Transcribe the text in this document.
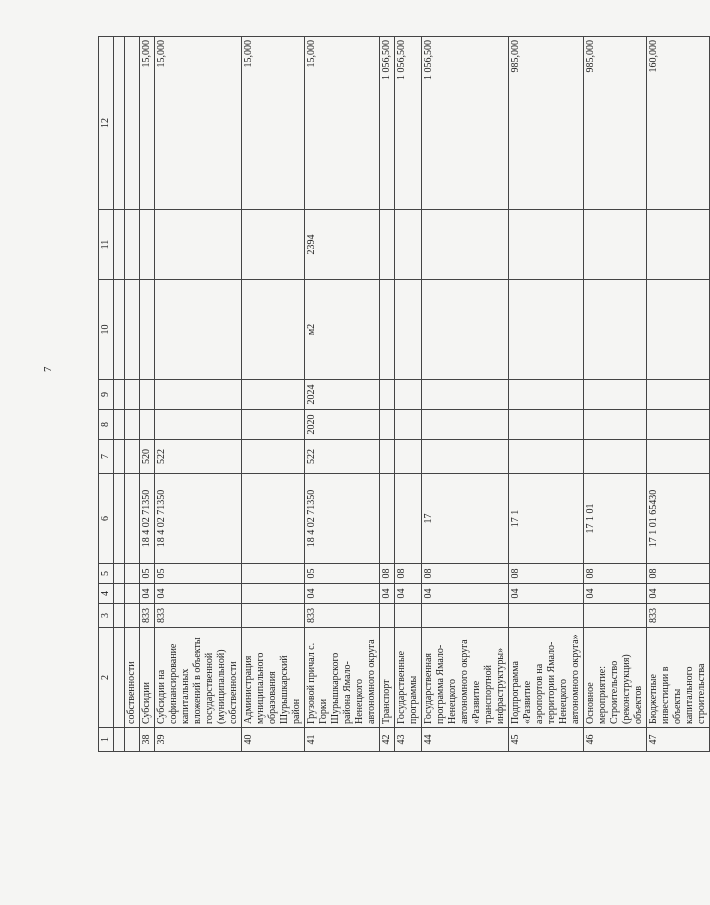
7
1	2	3	4	5	6	7	8	9	10	11	12

	собственности										
38	Субсидии	833	04	05	18 4 02 71350	520					15,000
39	Субсидии на софинансирование капитальных вложений в объекты государственной (муниципальной) собственности	833	04	05	18 4 02 71350	522					15,000
40	Администрация муниципального образования Шурышкарский район										15,000
41	Грузовой причал с. Горки Шурышкарского района Ямало-Ненецкого автономного округа	833	04	05	18 4 02 71350	522	2020	2024	м2	2394	15,000
42	Транспорт		04	08							1 056,500
43	Государственные программы		04	08							1 056,500
44	Государственная программа Ямало-Ненецкого автономного округа «Развитие транспортной инфраструктуры»		04	08	17						1 056,500
45	Подпрограмма «Развитие аэропортов на территории Ямало-Ненецкого автономного округа»		04	08	17 1						985,000
46	Основное мероприятие: Строительство (реконструкция) объектов		04	08	17 1 01						985,000
47	Бюджетные инвестиции в объекты капитального строительства	833	04	08	17 1 01 65430						160,000
